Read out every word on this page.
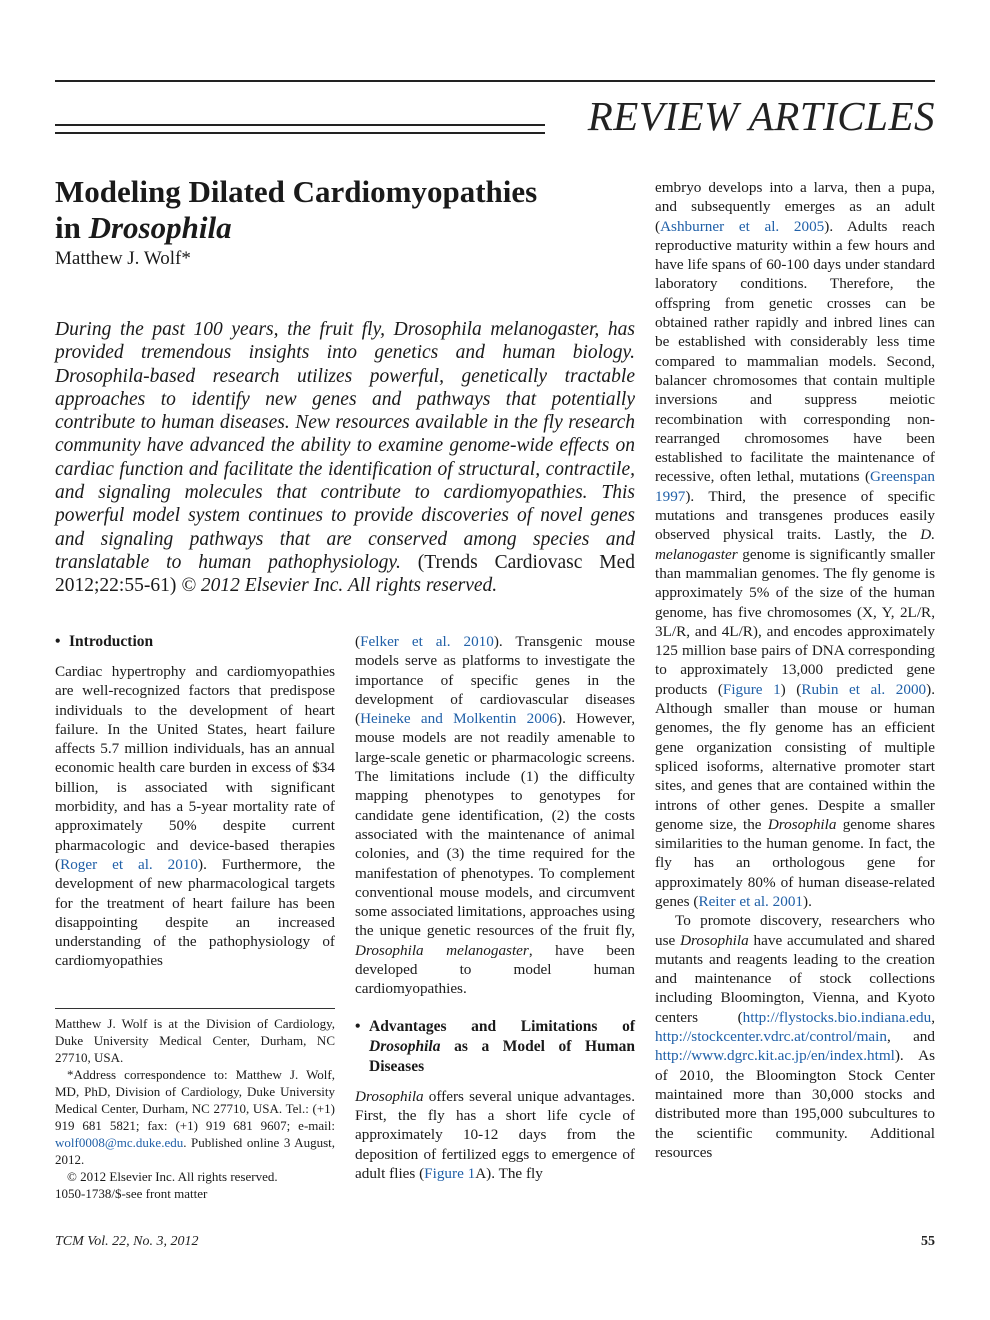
REVIEW ARTICLES
Modeling Dilated Cardiomyopathies
in Drosophila
Matthew J. Wolf*

During the past 100 years, the fruit fly, Drosophila melanogaster, has provided tremendous insights into genetics and human biology. Drosophila-based research utilizes powerful, genetically tractable approaches to identify new genes and pathways that potentially contribute to human diseases. New resources available in the fly research community have advanced the ability to examine genome-wide effects on cardiac function and facilitate the identification of structural, contractile, and signaling molecules that contribute to cardiomyopathies. This powerful model system continues to provide discoveries of novel genes and signaling pathways that are conserved among species and translatable to human pathophysiology. (Trends Cardiovasc Med 2012;22:55-61) © 2012 Elsevier Inc. All rights reserved.

• Introduction

Cardiac hypertrophy and cardiomyopathies are well-recognized factors that predispose individuals to the development of heart failure. In the United States, heart failure affects 5.7 million individuals, has an annual economic health care burden in excess of $34 billion, is associated with significant morbidity, and has a 5-year mortality rate of approximately 50% despite current pharmacologic and device-based therapies (Roger et al. 2010). Furthermore, the development of new pharmacological targets for the treatment of heart failure has been disappointing despite an increased understanding of the pathophysiology of cardiomyopathies

Matthew J. Wolf is at the Division of Cardiology, Duke University Medical Center, Durham, NC 27710, USA.

*Address correspondence to: Matthew J. Wolf, MD, PhD, Division of Cardiology, Duke University Medical Center, Durham, NC 27710, USA. Tel.: (+1) 919 681 5821; fax: (+1) 919 681 9607; e-mail: wolf0008@mc.duke.edu. Published online 3 August, 2012.

© 2012 Elsevier Inc. All rights reserved.

1050-1738/$-see front matter

(Felker et al. 2010). Transgenic mouse models serve as platforms to investigate the importance of specific genes in the development of cardiovascular diseases (Heineke and Molkentin 2006). However, mouse models are not readily amenable to large-scale genetic or pharmacologic screens. The limitations include (1) the difficulty mapping phenotypes to genotypes for candidate gene identification, (2) the costs associated with the maintenance of animal colonies, and (3) the time required for the manifestation of phenotypes. To complement conventional mouse models, and circumvent some associated limitations, approaches using the unique genetic resources of the fruit fly, Drosophila melanogaster, have been developed to model human cardiomyopathies.

• Advantages and Limitations of Drosophila as a Model of Human Diseases

Drosophila offers several unique advantages. First, the fly has a short life cycle of approximately 10-12 days from the deposition of fertilized eggs to emergence of adult flies (Figure 1A). The fly

embryo develops into a larva, then a pupa, and subsequently emerges as an adult (Ashburner et al. 2005). Adults reach reproductive maturity within a few hours and have life spans of 60-100 days under standard laboratory conditions. Therefore, the offspring from genetic crosses can be obtained rather rapidly and inbred lines can be established with considerably less time compared to mammalian models. Second, balancer chromosomes that contain multiple inversions and suppress meiotic recombination with corresponding non-rearranged chromosomes have been established to facilitate the maintenance of recessive, often lethal, mutations (Greenspan 1997). Third, the presence of specific mutations and transgenes produces easily observed physical traits. Lastly, the D. melanogaster genome is significantly smaller than mammalian genomes. The fly genome is approximately 5% of the size of the human genome, has five chromosomes (X, Y, 2L/R, 3L/R, and 4L/R), and encodes approximately 125 million base pairs of DNA corresponding to approximately 13,000 predicted gene products (Figure 1) (Rubin et al. 2000). Although smaller than mouse or human genomes, the fly genome has an efficient gene organization consisting of multiple spliced isoforms, alternative promoter start sites, and genes that are contained within the introns of other genes. Despite a smaller genome size, the Drosophila genome shares similarities to the human genome. In fact, the fly has an orthologous gene for approximately 80% of human disease-related genes (Reiter et al. 2001).

To promote discovery, researchers who use Drosophila have accumulated and shared mutants and reagents leading to the creation and maintenance of stock collections including Bloomington, Vienna, and Kyoto centers (http://flystocks.bio.indiana.edu, http://stockcenter.vdrc.at/control/main, and http://www.dgrc.kit.ac.jp/en/index.html). As of 2010, the Bloomington Stock Center maintained more than 30,000 stocks and distributed more than 195,000 subcultures to the scientific community. Additional resources

TCM Vol. 22, No. 3, 2012	55
